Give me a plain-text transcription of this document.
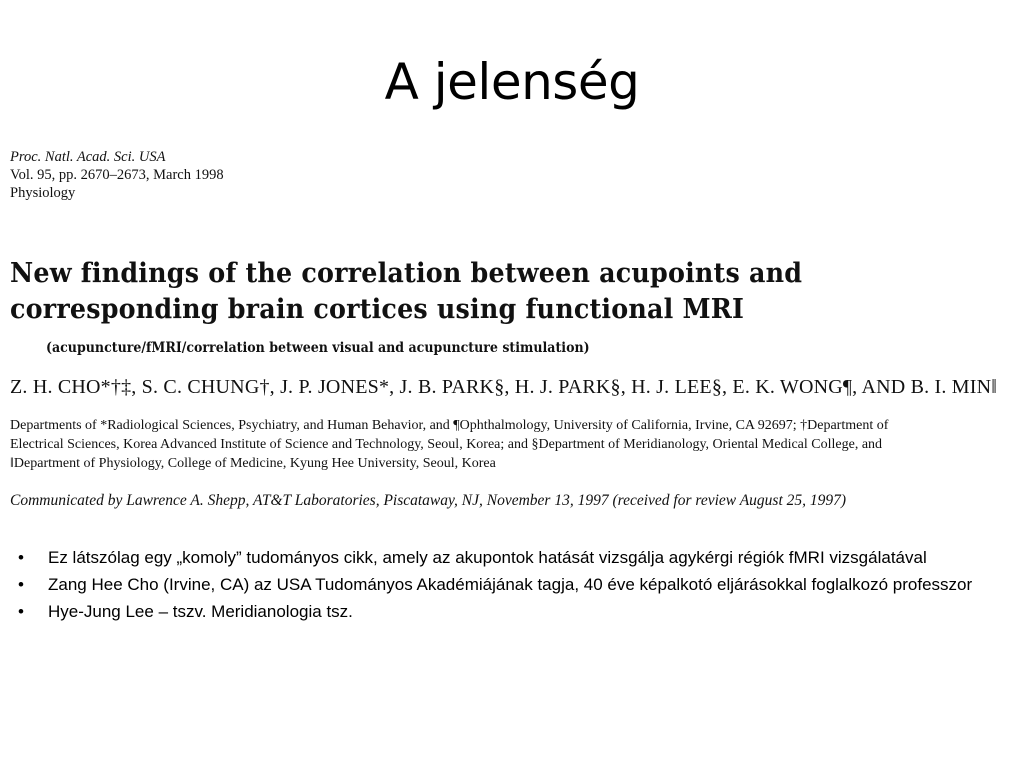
A jelenség
Proc. Natl. Acad. Sci. USA
Vol. 95, pp. 2670–2673, March 1998
Physiology
New findings of the correlation between acupoints and
corresponding brain cortices using functional MRI
(acupuncture/fMRI/correlation between visual and acupuncture stimulation)
Z. H. CHO*†‡, S. C. CHUNG†, J. P. JONES*, J. B. PARK§, H. J. PARK§, H. J. LEE§, E. K. WONG¶, AND B. I. MIN‖
Departments of *Radiological Sciences, Psychiatry, and Human Behavior, and ¶Ophthalmology, University of California, Irvine, CA 92697; †Department of
Electrical Sciences, Korea Advanced Institute of Science and Technology, Seoul, Korea; and §Department of Meridianology, Oriental Medical College, and
‖Department of Physiology, College of Medicine, Kyung Hee University, Seoul, Korea
Communicated by Lawrence A. Shepp, AT&T Laboratories, Piscataway, NJ, November 13, 1997 (received for review August 25, 1997)
• Ez látszólag egy „komoly” tudományos cikk, amely az akupontok hatását vizsgálja agykérgi régiók fMRI vizsgálatával
• Zang Hee Cho (Irvine, CA) az USA Tudományos Akadémiájának tagja, 40 éve képalkotó eljárásokkal foglalkozó professzor
• Hye-Jung Lee – tszv. Meridianologia tsz.
